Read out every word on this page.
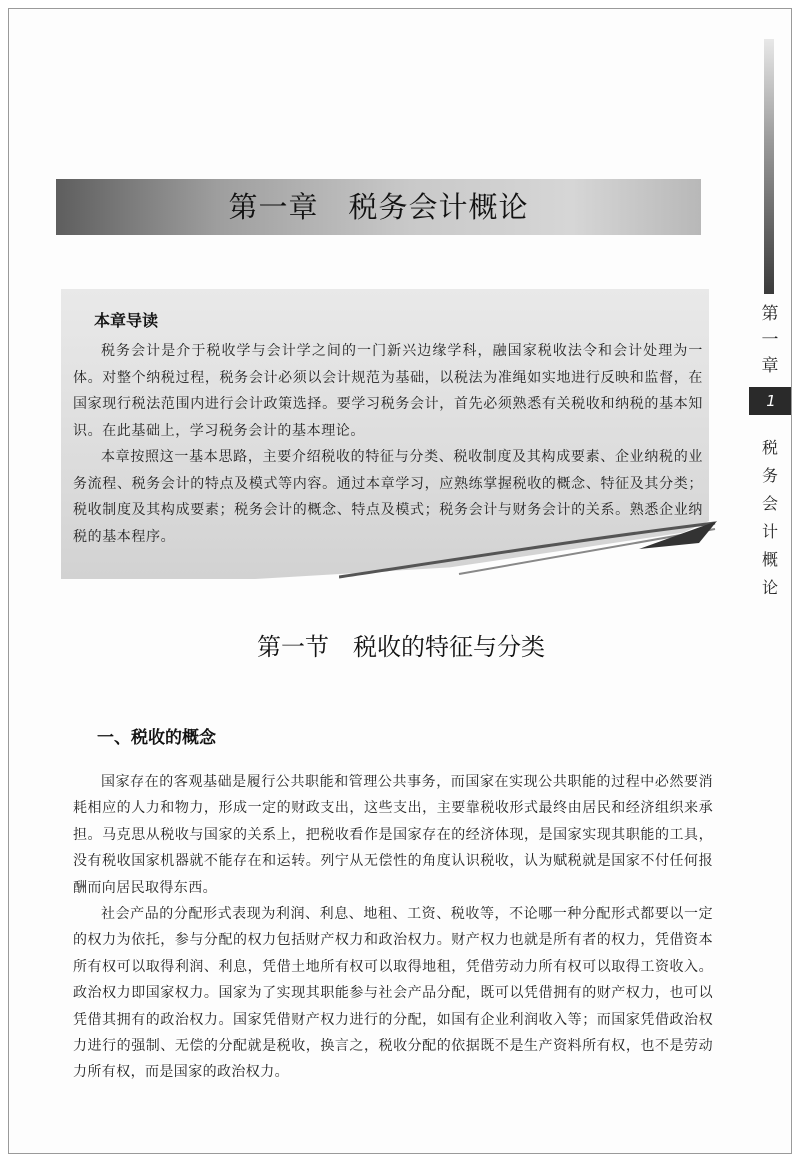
第一章
1
税务会计概论
第一章　税务会计概论
本章导读

税务会计是介于税收学与会计学之间的一门新兴边缘学科，融国家税收法令和会计处理为一体。对整个纳税过程，税务会计必须以会计规范为基础，以税法为准绳如实地进行反映和监督，在国家现行税法范围内进行会计政策选择。要学习税务会计，首先必须熟悉有关税收和纳税的基本知识。在此基础上，学习税务会计的基本理论。

本章按照这一基本思路，主要介绍税收的特征与分类、税收制度及其构成要素、企业纳税的业务流程、税务会计的特点及模式等内容。通过本章学习，应熟练掌握税收的概念、特征及其分类；税收制度及其构成要素；税务会计的概念、特点及模式；税务会计与财务会计的关系。熟悉企业纳税的基本程序。

第一节　税收的特征与分类
一、税收的概念

国家存在的客观基础是履行公共职能和管理公共事务，而国家在实现公共职能的过程中必然要消耗相应的人力和物力，形成一定的财政支出，这些支出，主要靠税收形式最终由居民和经济组织来承担。马克思从税收与国家的关系上，把税收看作是国家存在的经济体现，是国家实现其职能的工具，没有税收国家机器就不能存在和运转。列宁从无偿性的角度认识税收，认为赋税就是国家不付任何报酬而向居民取得东西。

社会产品的分配形式表现为利润、利息、地租、工资、税收等，不论哪一种分配形式都要以一定的权力为依托，参与分配的权力包括财产权力和政治权力。财产权力也就是所有者的权力，凭借资本所有权可以取得利润、利息，凭借土地所有权可以取得地租，凭借劳动力所有权可以取得工资收入。政治权力即国家权力。国家为了实现其职能参与社会产品分配，既可以凭借拥有的财产权力，也可以凭借其拥有的政治权力。国家凭借财产权力进行的分配，如国有企业利润收入等；而国家凭借政治权力进行的强制、无偿的分配就是税收，换言之，税收分配的依据既不是生产资料所有权，也不是劳动力所有权，而是国家的政治权力。
